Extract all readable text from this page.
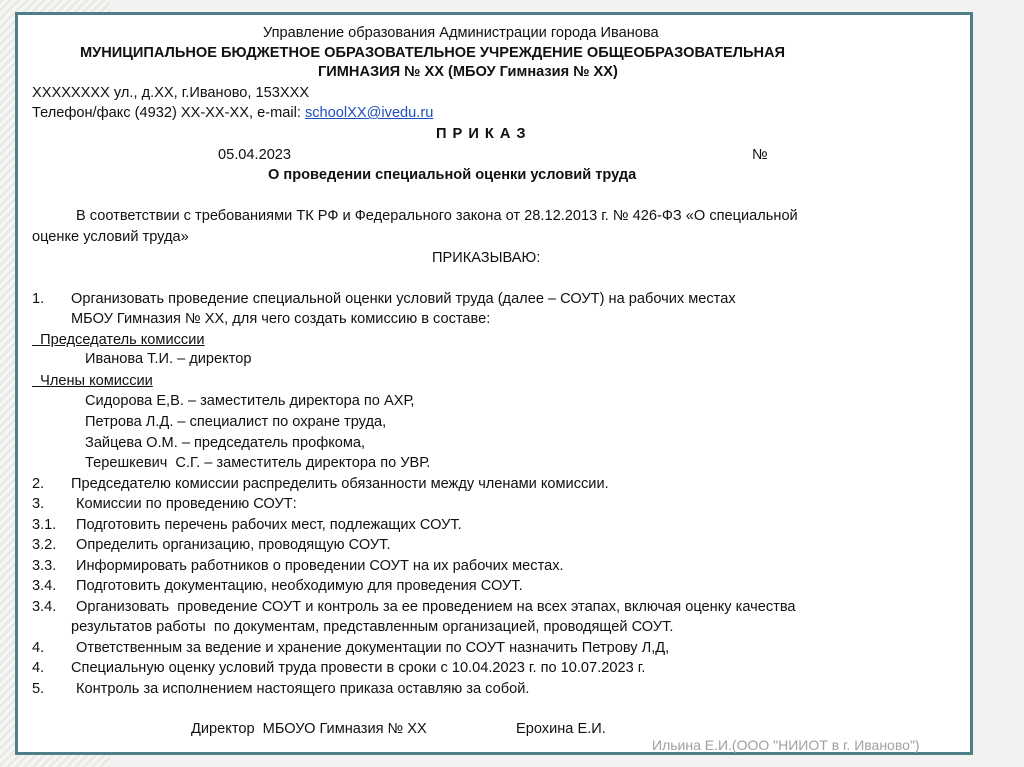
Управление образования Администрации города Иванова
МУНИЦИПАЛЬНОЕ БЮДЖЕТНОЕ ОБРАЗОВАТЕЛЬНОЕ УЧРЕЖДЕНИЕ ОБЩЕОБРАЗОВАТЕЛЬНАЯ
ГИМНАЗИЯ № ХХ (МБОУ Гимназия № ХХ)
ХХХХХХХХ ул., д.ХХ, г.Иваново, 153ХХХ
Телефон/факс (4932) ХХ-ХХ-ХХ, e-mail: schoolXX@ivedu.ru
П Р И К А З
05.04.2023	№
О проведении специальной оценки условий труда
В соответствии с требованиями ТК РФ и Федерального закона от 28.12.2013 г. № 426-ФЗ «О специальной
оценке условий труда»
ПРИКАЗЫВАЮ:
1. Организовать проведение специальной оценки условий труда (далее – СОУТ) на рабочих местах
МБОУ Гимназия № ХХ, для чего создать комиссию в составе:
Председатель комиссии
Иванова Т.И. – директор
Члены комиссии
Сидорова Е,В. – заместитель директора по АХР,
Петрова Л.Д. – специалист по охране труда,
Зайцева О.М. – председатель профкома,
Терешкевич  С.Г. – заместитель директора по УВР.
2. Председателю комиссии распределить обязанности между членами комиссии.
3. Комиссии по проведению СОУТ:
3.1. Подготовить перечень рабочих мест, подлежащих СОУТ.
3.2. Определить организацию, проводящую СОУТ.
3.3. Информировать работников о проведении СОУТ на их рабочих местах.
3.4. Подготовить документацию, необходимую для проведения СОУТ.
3.4. Организовать  проведение СОУТ и контроль за ее проведением на всех этапах, включая оценку качества
результатов работы  по документам, представленным организацией, проводящей СОУТ.
4. Ответственным за ведение и хранение документации по СОУТ назначить Петрову Л,Д,
4. Специальную оценку условий труда провести в сроки с 10.04.2023 г. по 10.07.2023 г.
5. Контроль за исполнением настоящего приказа оставляю за собой.
Директор  МБОУО Гимназия № ХХ	Ерохина Е.И.
Ильина Е.И.(ООО "НИИОТ в г. Иваново")
